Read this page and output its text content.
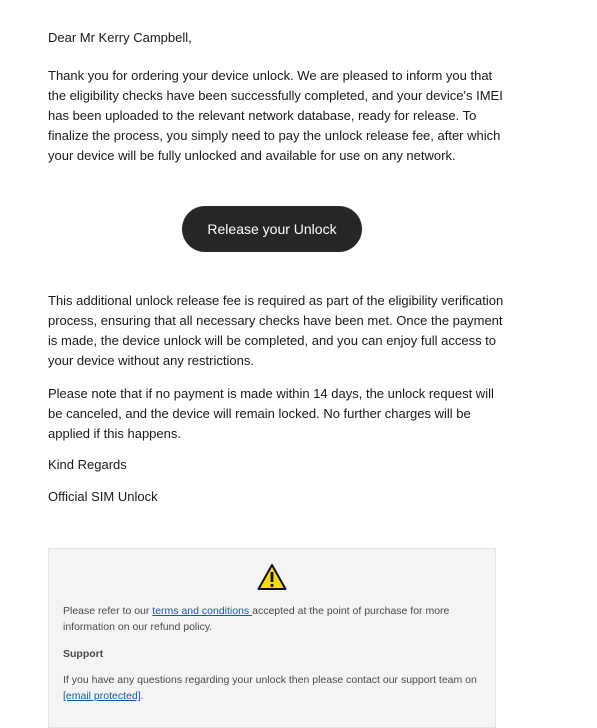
Dear Mr Kerry Campbell,

Thank you for ordering your device unlock. We are pleased to inform you that the eligibility checks have been successfully completed, and your device's IMEI has been uploaded to the relevant network database, ready for release. To finalize the process, you simply need to pay the unlock release fee, after which your device will be fully unlocked and available for use on any network.

Release your Unlock

This additional unlock release fee is required as part of the eligibility verification process, ensuring that all necessary checks have been met. Once the payment is made, the device unlock will be completed, and you can enjoy full access to your device without any restrictions.

Please note that if no payment is made within 14 days, the unlock request will be canceled, and the device will remain locked. No further charges will be applied if this happens.

Kind Regards

Official SIM Unlock

Please refer to our terms and conditions accepted at the point of purchase for more information on our refund policy.

Support

If you have any questions regarding your unlock then please contact our support team on [email protected].
